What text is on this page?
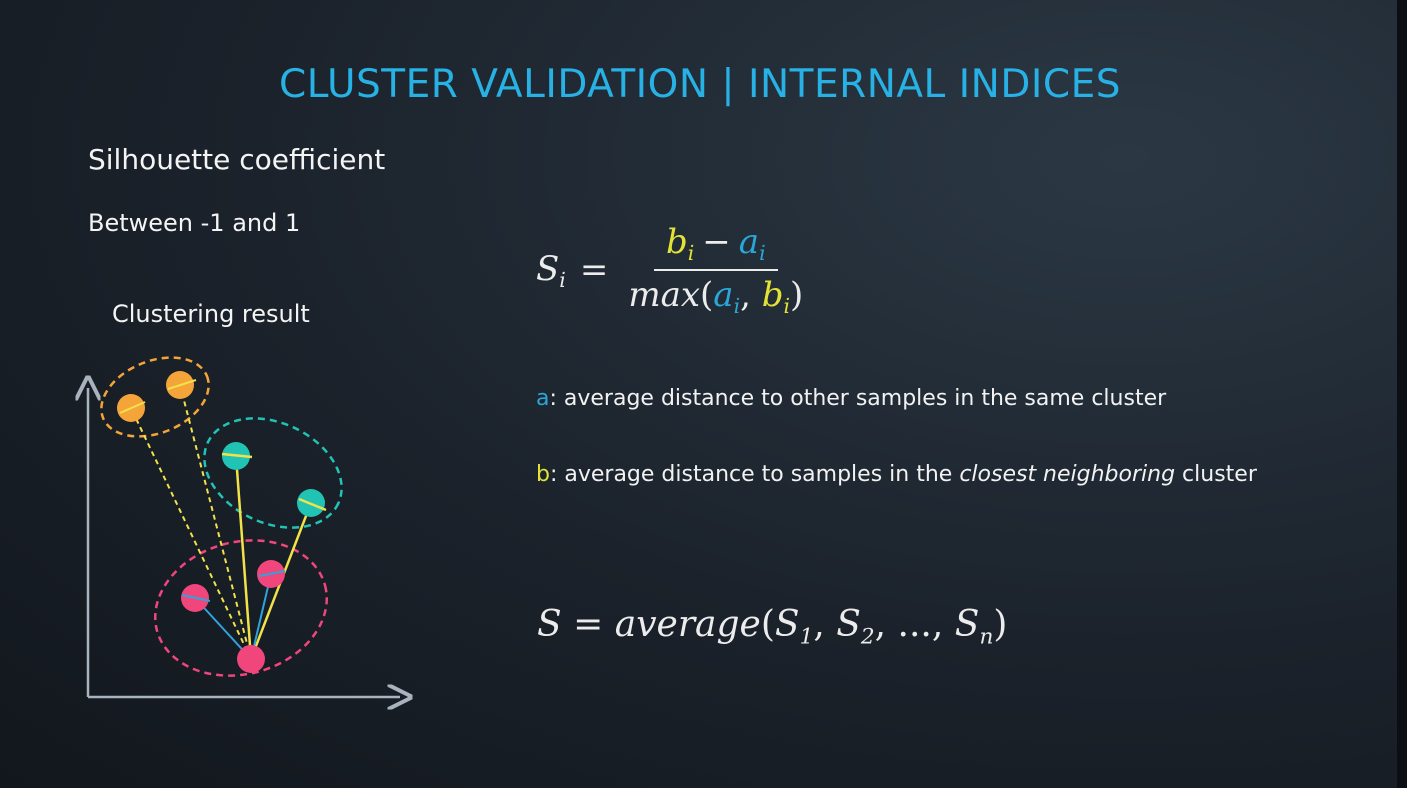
CLUSTER VALIDATION | INTERNAL INDICES
Silhouette coefficient
Between -1 and 1
Clustering result
$S_i = \frac{b_i - a_i}{\max(a_i, b_i)}$
a: average distance to other samples in the same cluster
b: average distance to samples in the closest neighboring cluster
$S = average(S_1$, $S_2$, ..., $S_n$)
